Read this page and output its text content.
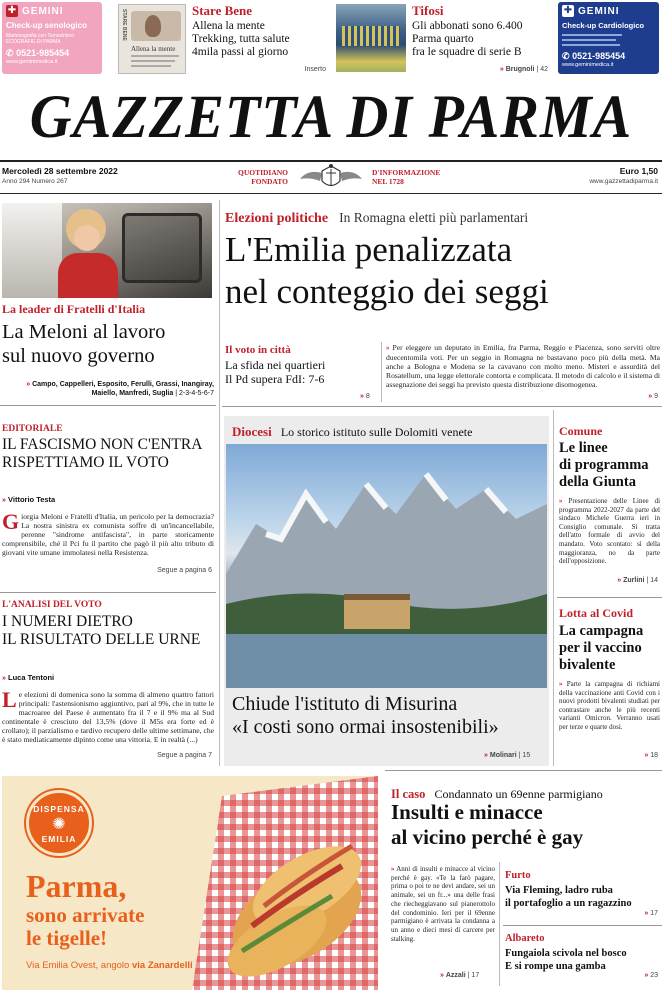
✚ GEMINI
Check-up senologico
Mammografia con Tomosintesi
ECOGRAFIE DI PARMA
✆ 0521-985454
www.geminimedica.it
STARE BENE
Allena la mente
Stare Bene
Allena la mente
Trekking, tutta salute
4mila passi al giorno
Inserto
Tifosi
Gli abbonati sono 6.400
Parma quarto
fra le squadre di serie B
» Brugnoli | 42
✚ GEMINI
Check-up Cardiologico
✆ 0521-985454
www.geminimedica.it
GAZZETTA DI PARMA
Mercoledì 28 settembre 2022
Anno 294 Numero 267
QUOTIDIANO
FONDATO
D'INFORMAZIONE
NEL 1728
Euro 1,50
www.gazzettadiparma.it
La leader di Fratelli d'Italia
La Meloni al lavoro
sul nuovo governo
» Campo, Cappelleri, Esposito, Ferulli, Grassi, Inangiray, Maiello, Manfredi, Suglia | 2-3-4-5-6-7
Elezioni politiche In Romagna eletti più parlamentari
L'Emilia penalizzata
nel conteggio dei seggi
Il voto in città
La sfida nei quartieri
Il Pd supera FdI: 7-6
» 8
» Per eleggere un deputato in Emilia, fra Parma, Reggio e Piacenza, sono serviti oltre duecentomila voti. Per un seggio in Romagna ne bastavano poco più della metà. Ma anche a Bologna e Modena se la cavavano con molto meno. Misteri e assurdità del Rosatellum, una legge elettorale contorta e complicata. Il metodo di calcolo e il sistema di assegnazione dei seggi ha previsto questa distribuzione disomogenea.
» 9
EDITORIALE
IL FASCISMO NON C'ENTRA
RISPETTIAMO IL VOTO
» Vittorio Testa
Giorgia Meloni e Fratelli d'Italia, un pericolo per la democrazia? La nostra sinistra ex comunista soffre di un'incancellabile, perenne "sindrome antifascista", in parte storicamente comprensibile, ché il Pci fu il partito che pagò il più alto tributo di giovani vite umane immolatesi nella Resistenza.
Segue a pagina 6
L'ANALISI DEL VOTO
I NUMERI DIETRO
IL RISULTATO DELLE URNE
» Luca Tentoni
Le elezioni di domenica sono la somma di almeno quattro fattori principali: l'astensionismo aggiuntivo, pari al 9%, che in tutte le macroaree del Paese è aumentato fra il 7 e il 9% ma al Sud continentale è cresciuto del 13,5% (dove il M5s era forte ed è crollato); il parzialismo e tardivo recupero delle ultime settimane, che è stato mediaticamente dipinto come una vittoria. E in realtà (...)
Segue a pagina 7
Diocesi Lo storico istituto sulle Dolomiti venete
Chiude l'istituto di Misurina
«I costi sono ormai insostenibili»
» Molinari | 15
Comune
Le linee
di programma
della Giunta
» Presentazione delle Linee di programma 2022-2027 da parte del sindaco Michele Guerra ieri in Consiglio comunale. Si tratta dell'atto formale di avvio del mandato. Voto scontato: sì della maggioranza, no da parte dell'opposizione.
» Zurlini | 14
Lotta al Covid
La campagna
per il vaccino
bivalente
» Parte la campagna di richiami della vaccinazione anti Covid con i nuovi prodotti bivalenti studiati per contrastare anche le più recenti varianti Omicron. Verranno usati per terze e quarte dosi.
» 18
DISPENSA
✺
EMILIA
Parma,
sono arrivate
le tigelle!
Via Emilia Ovest, angolo via Zanardelli
Il caso Condannato un 69enne parmigiano
Insulti e minacce
al vicino perché è gay
» Anni di insulti e minacce al vicino perché è gay. «Te la farò pagare, prima o poi te ne devi andare, sei un animale, sei un fr...» una delle frasi che riecheggiavano sul pianerottolo del condominio. Ieri per il 69enne parmigiano è arrivata la condanna a un anno e dieci mesi di carcere per stalking.
» Azzali | 17
Furto
Via Fleming, ladro ruba
il portafoglio a un ragazzino
» 17
Albareto
Fungaiola scivola nel bosco
E si rompe una gamba
» 23
